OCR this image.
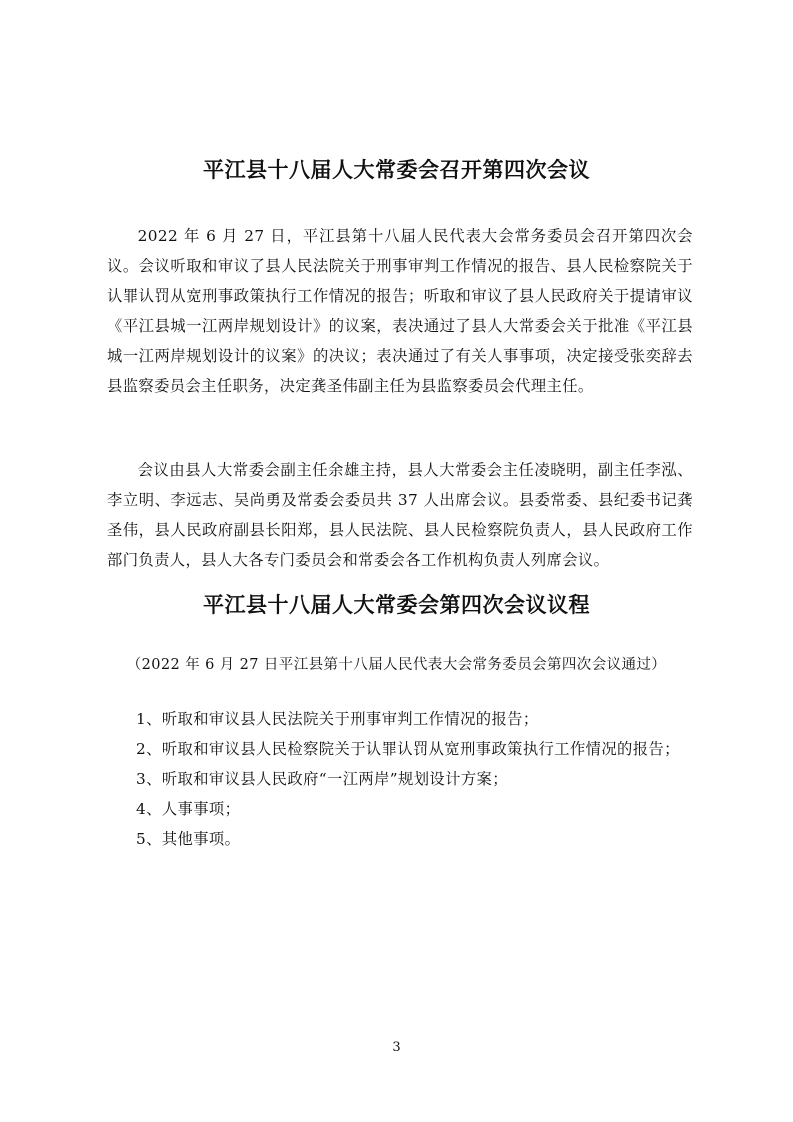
平江县十八届人大常委会召开第四次会议

2022 年 6 月 27 日，平江县第十八届人民代表大会常务委员会召开第四次会议。会议听取和审议了县人民法院关于刑事审判工作情况的报告、县人民检察院关于认罪认罚从宽刑事政策执行工作情况的报告；听取和审议了县人民政府关于提请审议《平江县城一江两岸规划设计》的议案，表决通过了县人大常委会关于批准《平江县城一江两岸规划设计的议案》的决议；表决通过了有关人事事项，决定接受张奕辞去县监察委员会主任职务，决定龚圣伟副主任为县监察委员会代理主任。

会议由县人大常委会副主任余雄主持，县人大常委会主任凌晓明，副主任李泓、李立明、李远志、吴尚勇及常委会委员共 37 人出席会议。县委常委、县纪委书记龚圣伟，县人民政府副县长阳郑，县人民法院、县人民检察院负责人，县人民政府工作部门负责人，县人大各专门委员会和常委会各工作机构负责人列席会议。

平江县十八届人大常委会第四次会议议程
（2022 年 6 月 27 日平江县第十八届人民代表大会常务委员会第四次会议通过）
1、听取和审议县人民法院关于刑事审判工作情况的报告；
2、听取和审议县人民检察院关于认罪认罚从宽刑事政策执行工作情况的报告；
3、听取和审议县人民政府“一江两岸”规划设计方案；
4、人事事项；
5、其他事项。
3
